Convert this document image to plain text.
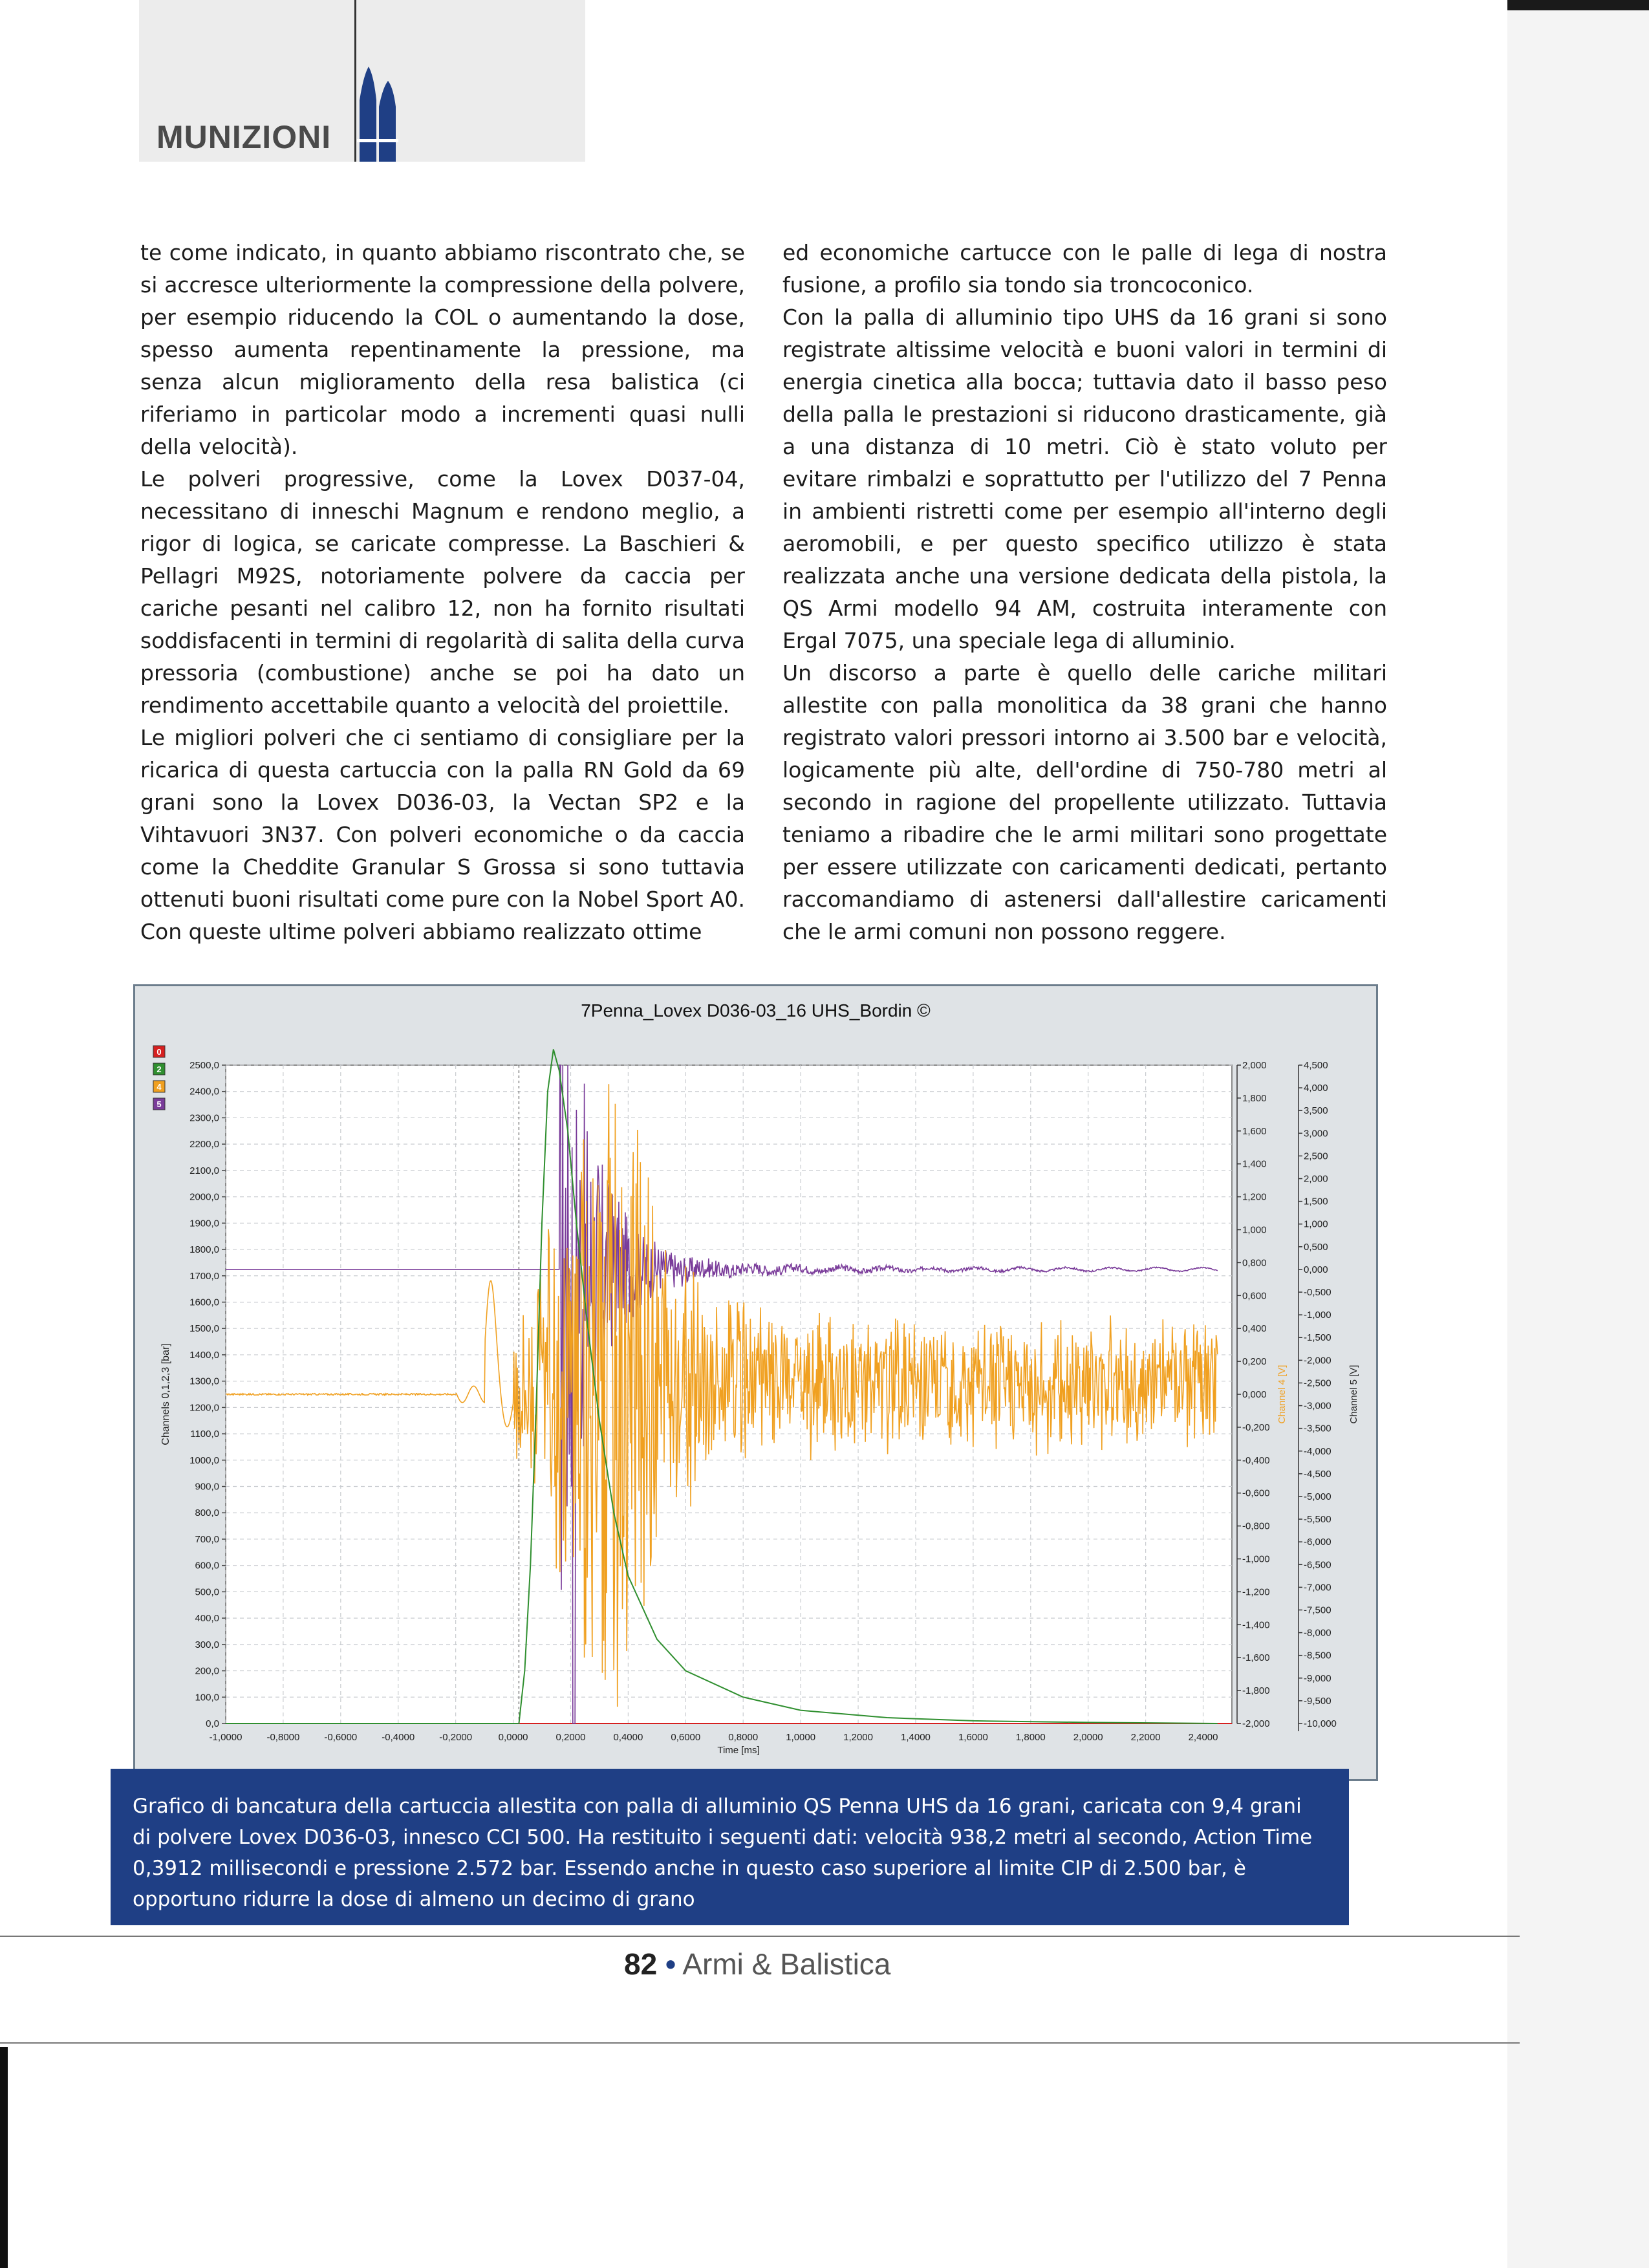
MUNIZIONI

te come indicato, in quanto abbiamo riscontrato che, se si accresce ulteriormente la compressione della polvere, per esempio riducendo la COL o aumentando la dose, spesso aumenta repentinamente la pressione, ma senza alcun miglioramento della resa balistica (ci riferiamo in particolar modo a incrementi quasi nulli della velocità).

Le polveri progressive, come la Lovex D037-04, necessitano di inneschi Magnum e rendono meglio, a rigor di logica, se caricate compresse. La Baschieri & Pellagri M92S, notoriamente polvere da caccia per cariche pesanti nel calibro 12, non ha fornito risultati soddisfacenti in termini di regolarità di salita della curva pressoria (combustione) anche se poi ha dato un rendimento accettabile quanto a velocità del proiettile.

Le migliori polveri che ci sentiamo di consigliare per la ricarica di questa cartuccia con la palla RN Gold da 69 grani sono la Lovex D036-03, la Vectan SP2 e la Vihtavuori 3N37. Con polveri economiche o da caccia come la Cheddite Granular S Grossa si sono tuttavia ottenuti buoni risultati come pure con la Nobel Sport A0. Con queste ultime polveri abbiamo realizzato ottime

ed economiche cartucce con le palle di lega di nostra fusione, a profilo sia tondo sia troncoconico.

Con la palla di alluminio tipo UHS da 16 grani si sono registrate altissime velocità e buoni valori in termini di energia cinetica alla bocca; tuttavia dato il basso peso della palla le prestazioni si riducono drasticamente, già a una distanza di 10 metri. Ciò è stato voluto per evitare rimbalzi e soprattutto per l'utilizzo del 7 Penna in ambienti ristretti come per esempio all'interno degli aeromobili, e per questo specifico utilizzo è stata realizzata anche una versione dedicata della pistola, la QS Armi modello 94 AM, costruita interamente con Ergal 7075, una speciale lega di alluminio.

Un discorso a parte è quello delle cariche militari allestite con palla monolitica da 38 grani che hanno registrato valori pressori intorno ai 3.500 bar e velocità, logicamente più alte, dell'ordine di 750-780 metri al secondo in ragione del propellente utilizzato. Tuttavia teniamo a ribadire che le armi militari sono progettate per essere utilizzate con caricamenti dedicati, pertanto raccomandiamo di astenersi dall'allestire caricamenti che le armi comuni non possono reggere.

7Penna_Lovex D036-03_16 UHS_Bordin ©
-1,0000	-0,8000	-0,6000	-0,4000	-0,2000	0,0000	0,2000	0,4000	0,6000	0,8000	1,0000	1,2000	1,4000	1,6000	1,8000	2,0000	2,2000	2,4000
2500,0
2400,0
2300,0
2200,0
2100,0
2000,0
1900,0
1800,0
1700,0
1600,0
1500,0
1400,0
1300,0
1200,0
1100,0
1000,0
900,0
800,0
700,0
600,0
500,0
400,0
300,0
200,0
100,0
0,0
2,000
1,800
1,600
1,400
1,200
1,000
0,800
0,600
0,400
0,200
0,000
-0,200
-0,400
-0,600
-0,800
-1,000
-1,200
-1,400
-1,600
-1,800
-2,000
4,500
4,000
3,500
3,000
2,500
2,000
1,500
1,000
0,500
0,000
-0,500
-1,000
-1,500
-2,000
-2,500
-3,000
-3,500
-4,000
-4,500
-5,000
-5,500
-6,000
-6,500
-7,000
-7,500
-8,000
-8,500
-9,000
-9,500
-10,000
Time [ms]
Channels 0,1,2,3 [bar]	Channel 4 [V]	Channel 5 [V]
0
2
4
5
Grafico di bancatura della cartuccia allestita con palla di alluminio QS Penna UHS da 16 grani, caricata con 9,4 grani di polvere Lovex D036-03, innesco CCI 500. Ha restituito i seguenti dati: velocità 938,2 metri al secondo, Action Time 0,3912 millisecondi e pressione 2.572 bar. Essendo anche in questo caso superiore al limite CIP di 2.500 bar, è opportuno ridurre la dose di almeno un decimo di grano
82 • Armi & Balistica
